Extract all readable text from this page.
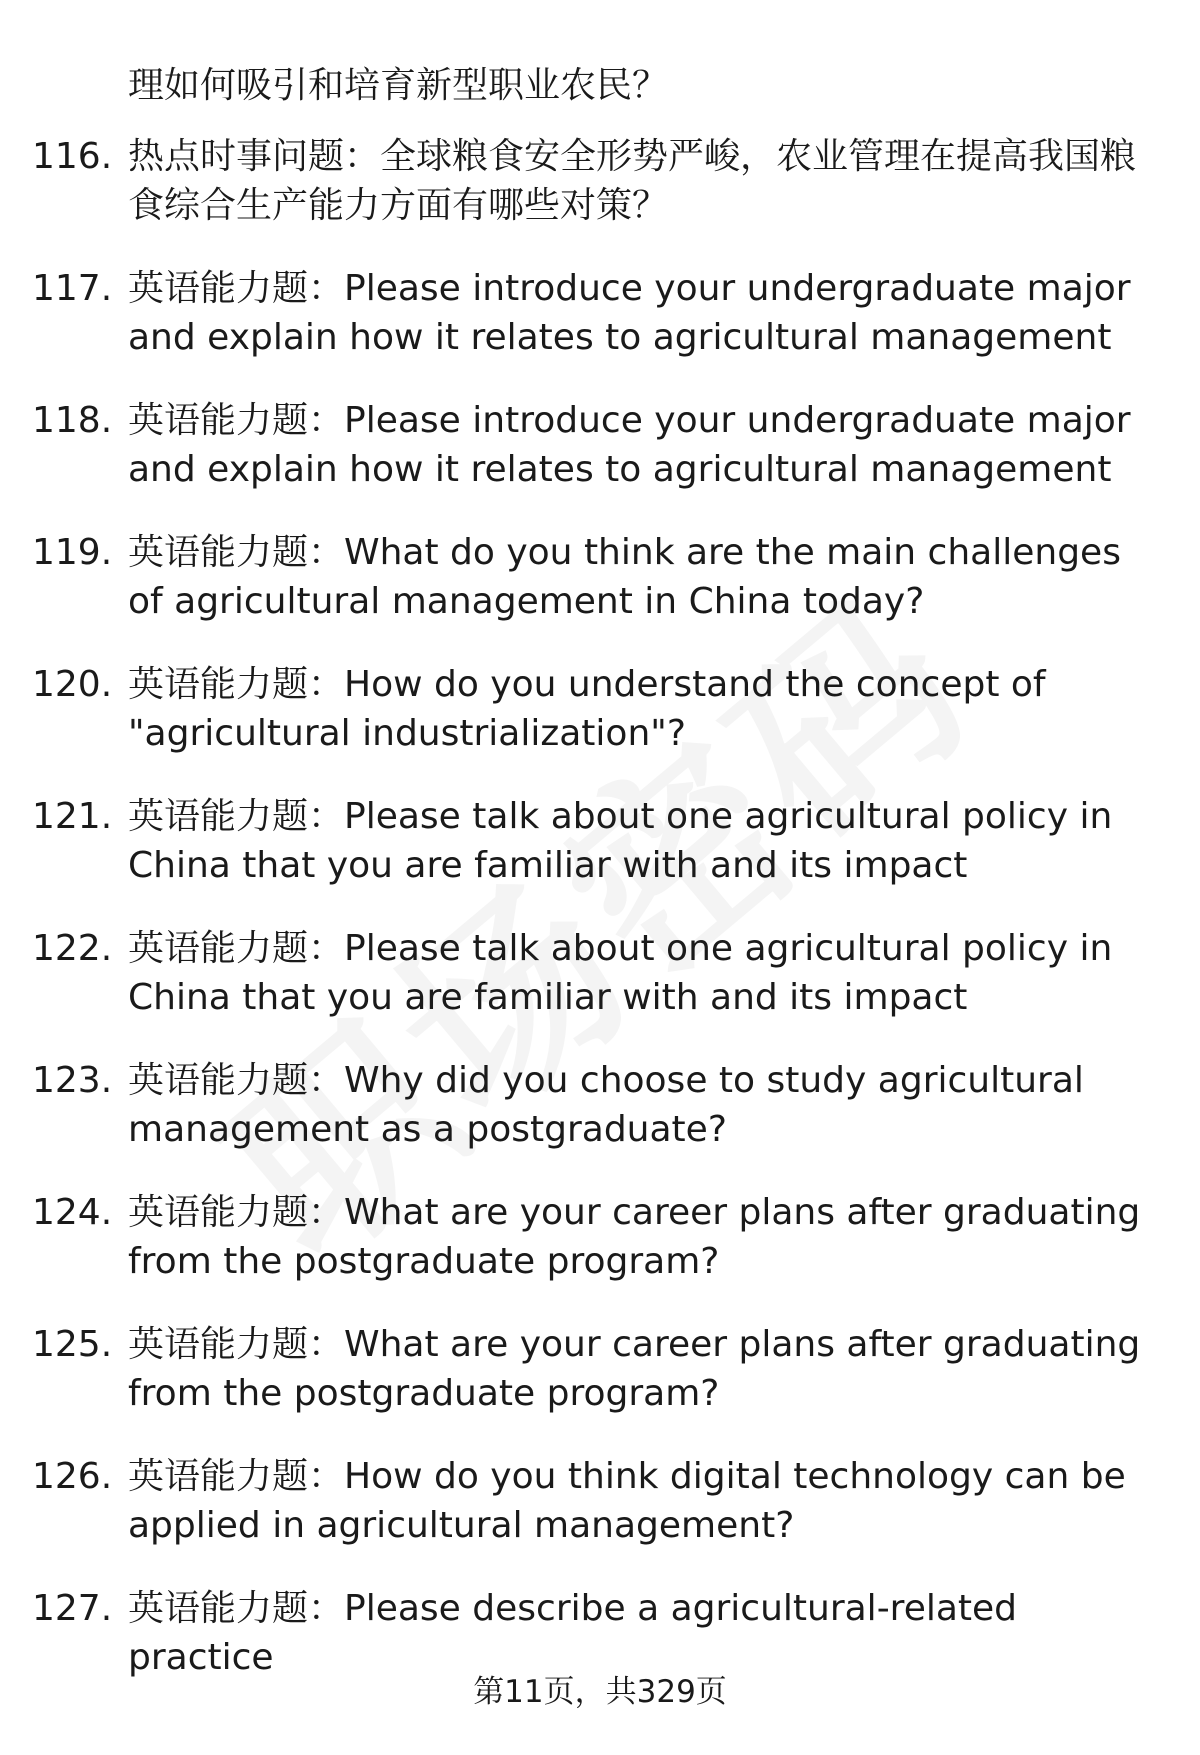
理如何吸引和培育新型职业农民？

116. 热点时事问题：全球粮食安全形势严峻，农业管理在提高我国粮食综合生产能力方面有哪些对策？
117. 英语能力题：Please introduce your undergraduate major and explain how it relates to agricultural management
118. 英语能力题：Please introduce your undergraduate major and explain how it relates to agricultural management
119. 英语能力题：What do you think are the main challenges of agricultural management in China today?
120. 英语能力题：How do you understand the concept of "agricultural industrialization"?
121. 英语能力题：Please talk about one agricultural policy in China that you are familiar with and its impact
122. 英语能力题：Please talk about one agricultural policy in China that you are familiar with and its impact
123. 英语能力题：Why did you choose to study agricultural management as a postgraduate?
124. 英语能力题：What are your career plans after graduating from the postgraduate program?
125. 英语能力题：What are your career plans after graduating from the postgraduate program?
126. 英语能力题：How do you think digital technology can be applied in agricultural management?
127. 英语能力题：Please describe a agricultural-related practice
第11页，共329页
